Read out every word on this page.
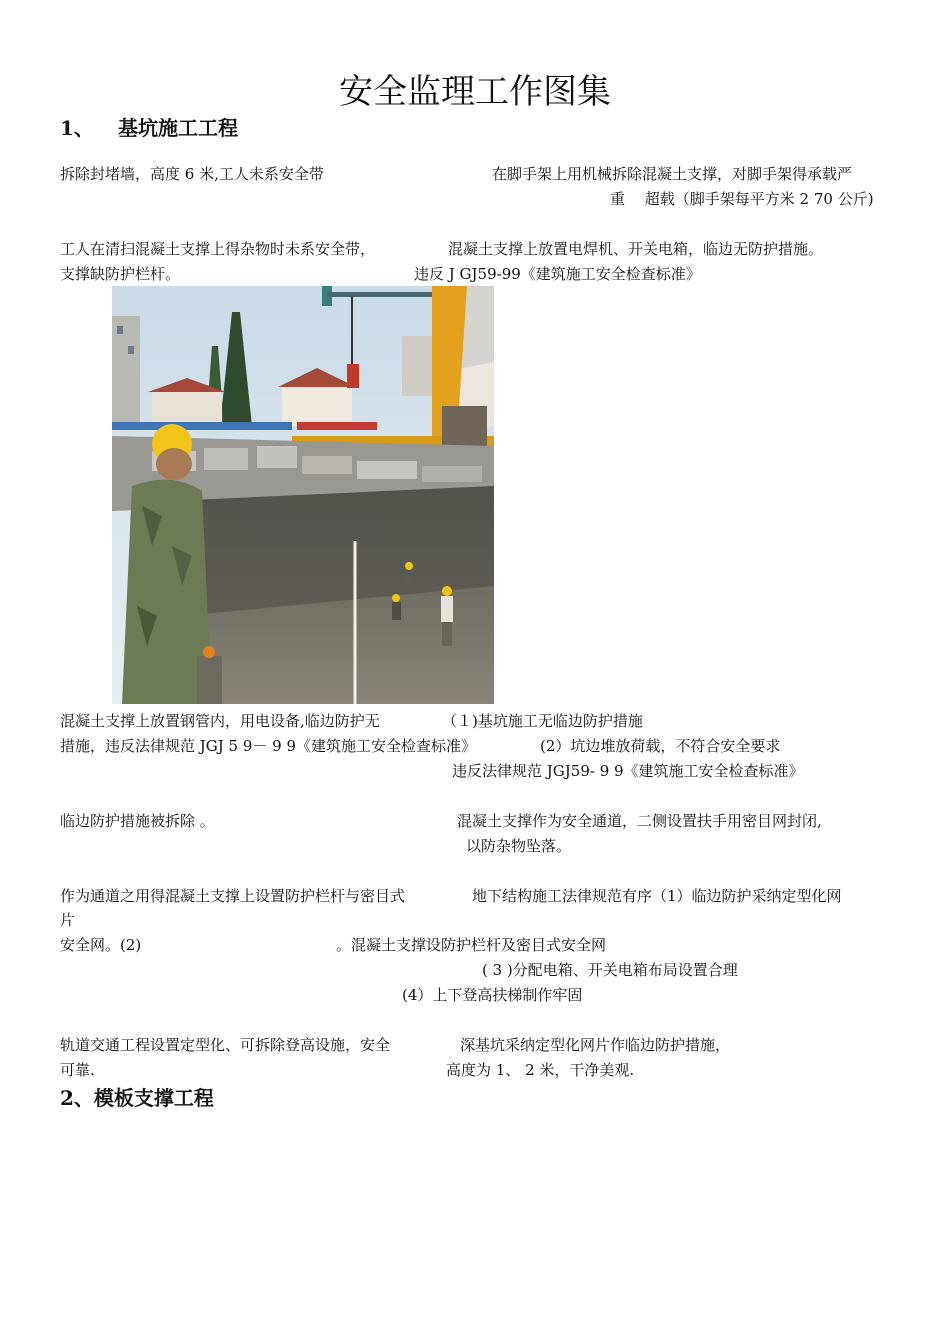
安全监理工作图集
1、 基坑施工工程
拆除封堵墙，高度 6 米,工人未系安全带	在脚手架上用机械拆除混凝土支撑，对脚手架得承载严
重　 超载（脚手架每平方米 2 70 公斤)
工人在清扫混凝土支撑上得杂物时未系安全带，	混凝土支撑上放置电焊机、开关电箱，临边无防护措施。
支撑缺防护栏杆。	违反 J GJ59-99《建筑施工安全检查标准》
混凝土支撑上放置钢管内，用电设备,临边防护无	（１)基坑施工无临边防护措施
措施，违反法律规范 JGJ 5 9－ 9 9《建筑施工安全检查标准》	(2）坑边堆放荷载，不符合安全要求
违反法律规范 JGJ59- 9 9《建筑施工安全检查标准》
临边防护措施被拆除 。	混凝土支撑作为安全通道，二侧设置扶手用密目网封闭,
以防杂物坠落。
作为通道之用得混凝土支撑上设置防护栏杆与密目式	地下结构施工法律规范有序（1）临边防护采纳定型化网
片
安全网。(2)	。混凝土支撑设防护栏杆及密目式安全网
( 3 )分配电箱、开关电箱布局设置合理
(4）上下登高扶梯制作牢固
轨道交通工程设置定型化、可拆除登高设施，安全	深基坑采纳定型化网片作临边防护措施，
可靠.	高度为 1、 2 米，干净美观.
2、模板支撑工程
